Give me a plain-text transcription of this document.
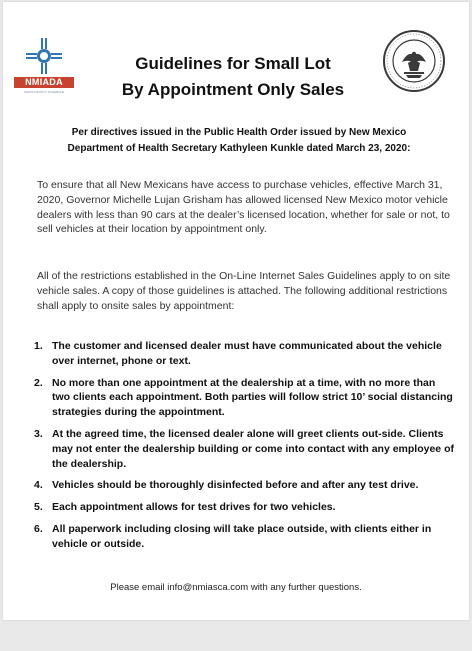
NMIADA
SANTA INFINITY SCHEDULE
Guidelines for Small Lot
By Appointment Only Sales
Per directives issued in the Public Health Order issued by New Mexico
Department of Health Secretary Kathyleen Kunkle dated March 23, 2020:
To ensure that all New Mexicans have access to purchase vehicles, effective March 31, 2020, Governor Michelle Lujan Grisham has allowed licensed New Mexico motor vehicle dealers with less than 90 cars at the dealer’s licensed location, whether for sale or not, to sell vehicles at their location by appointment only.
All of the restrictions established in the On-Line Internet Sales Guidelines apply to on site vehicle sales. A copy of those guidelines is attached. The following additional restrictions shall apply to onsite sales by appointment:
1. The customer and licensed dealer must have communicated about the vehicle over internet, phone or text.
2. No more than one appointment at the dealership at a time, with no more than two clients each appointment. Both parties will follow strict 10’ social distancing strategies during the appointment.
3. At the agreed time, the licensed dealer alone will greet clients out-side. Clients may not enter the dealership building or come into contact with any employee of the dealership.
4. Vehicles should be thoroughly disinfected before and after any test drive.
5. Each appointment allows for test drives for two vehicles.
6. All paperwork including closing will take place outside, with clients either in vehicle or outside.
Please email info@nmiasca.com with any further questions.
